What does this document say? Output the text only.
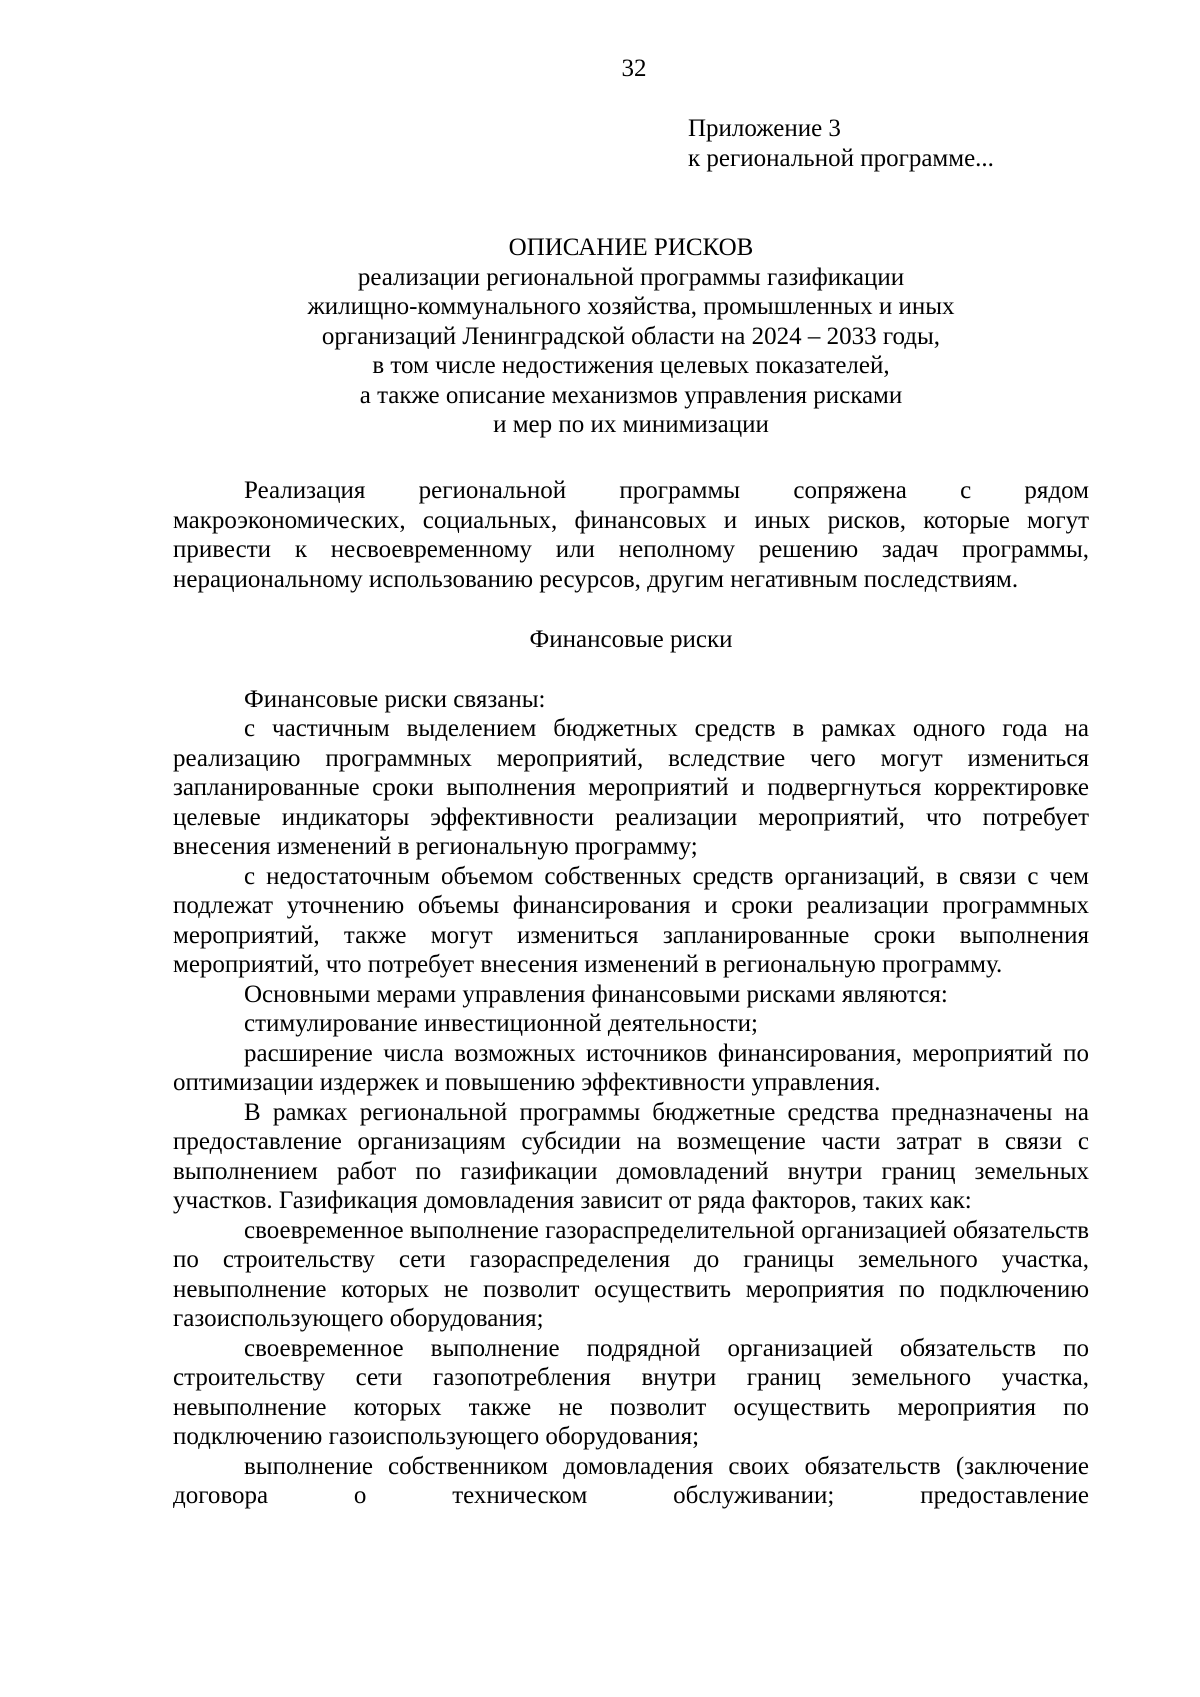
32
Приложение 3
к региональной программе...
ОПИСАНИЕ РИСКОВ
реализации региональной программы газификации
жилищно-коммунального хозяйства, промышленных и иных
организаций Ленинградской области на 2024 – 2033 годы,
в том числе недостижения целевых показателей,
а также описание механизмов управления рисками
и мер по их минимизации

Реализация региональной программы сопряжена с рядом макроэкономических, социальных, финансовых и иных рисков, которые могут привести к несвоевременному или неполному решению задач программы, нерациональному использованию ресурсов, другим негативным последствиям.

Финансовые риски

Финансовые риски связаны:

с частичным выделением бюджетных средств в рамках одного года на реализацию программных мероприятий, вследствие чего могут измениться запланированные сроки выполнения мероприятий и подвергнуться корректировке целевые индикаторы эффективности реализации мероприятий, что потребует внесения изменений в региональную программу;

с недостаточным объемом собственных средств организаций, в связи с чем подлежат уточнению объемы финансирования и сроки реализации программных мероприятий, также могут измениться запланированные сроки выполнения мероприятий, что потребует внесения изменений в региональную программу.

Основными мерами управления финансовыми рисками являются:

стимулирование инвестиционной деятельности;

расширение числа возможных источников финансирования, мероприятий по оптимизации издержек и повышению эффективности управления.

В рамках региональной программы бюджетные средства предназначены на предоставление организациям субсидии на возмещение части затрат в связи с выполнением работ по газификации домовладений внутри границ земельных участков. Газификация домовладения зависит от ряда факторов, таких как:

своевременное выполнение газораспределительной организацией обязательств по строительству сети газораспределения до границы земельного участка, невыполнение которых не позволит осуществить мероприятия по подключению газоиспользующего оборудования;

своевременное выполнение подрядной организацией обязательств по строительству сети газопотребления внутри границ земельного участка, невыполнение которых также не позволит осуществить мероприятия по подключению газоиспользующего оборудования;

выполнение собственником домовладения своих обязательств (заключение договора о техническом обслуживании; предоставление
